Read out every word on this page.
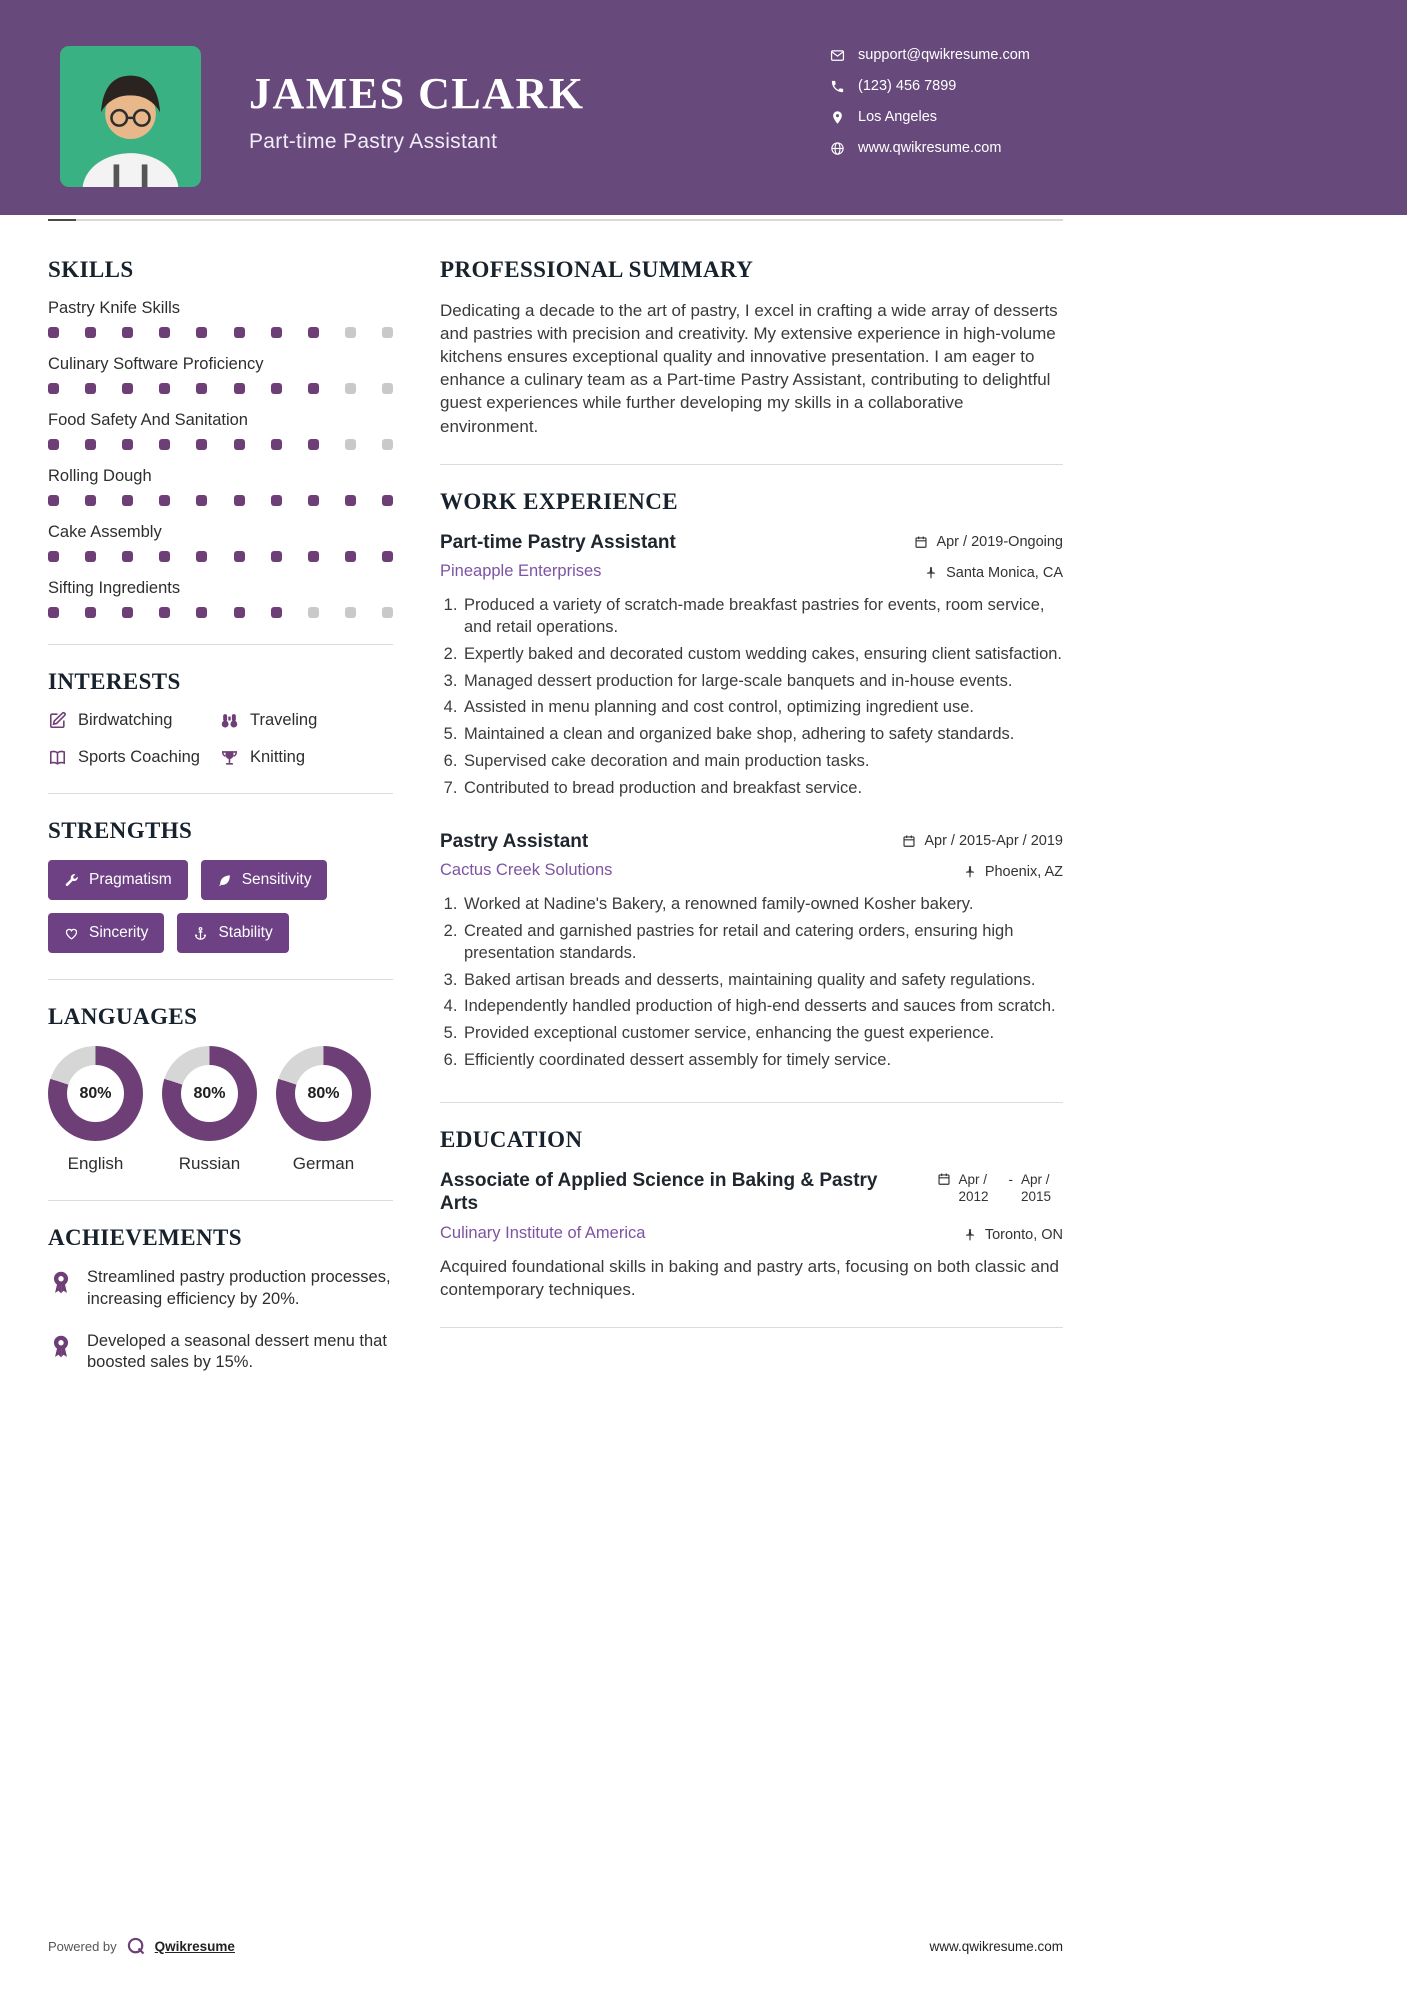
JAMES CLARK
Part-time Pastry Assistant
support@qwikresume.com
(123) 456 7899
Los Angeles
www.qwikresume.com
SKILLS
Pastry Knife Skills
Culinary Software Proficiency
Food Safety And Sanitation
Rolling Dough
Cake Assembly
Sifting Ingredients
INTERESTS
Birdwatching	Traveling
Sports Coaching	Knitting
STRENGTHS
Pragmatism	Sensitivity
Sincerity	Stability
LANGUAGES
80%
English
80%
Russian
80%
German
ACHIEVEMENTS

Streamlined pastry production processes, increasing efficiency by 20%.

Developed a seasonal dessert menu that boosted sales by 15%.

PROFESSIONAL SUMMARY

Dedicating a decade to the art of pastry, I excel in crafting a wide array of desserts and pastries with precision and creativity. My extensive experience in high-volume kitchens ensures exceptional quality and innovative presentation. I am eager to enhance a culinary team as a Part-time Pastry Assistant, contributing to delightful guest experiences while further developing my skills in a collaborative environment.

WORK EXPERIENCE
Part-time Pastry Assistant	Apr / 2019-Ongoing
Pineapple Enterprises	Santa Monica, CA
1. Produced a variety of scratch-made breakfast pastries for events, room service, and retail operations.
2. Expertly baked and decorated custom wedding cakes, ensuring client satisfaction.
3. Managed dessert production for large-scale banquets and in-house events.
4. Assisted in menu planning and cost control, optimizing ingredient use.
5. Maintained a clean and organized bake shop, adhering to safety standards.
6. Supervised cake decoration and main production tasks.
7. Contributed to bread production and breakfast service.
Pastry Assistant	Apr / 2015-Apr / 2019
Cactus Creek Solutions	Phoenix, AZ
1. Worked at Nadine's Bakery, a renowned family-owned Kosher bakery.
2. Created and garnished pastries for retail and catering orders, ensuring high presentation standards.
3. Baked artisan breads and desserts, maintaining quality and safety regulations.
4. Independently handled production of high-end desserts and sauces from scratch.
5. Provided exceptional customer service, enhancing the guest experience.
6. Efficiently coordinated dessert assembly for timely service.
EDUCATION
Associate of Applied Science in Baking & Pastry Arts
Apr / 2012
- Apr / 2015
Culinary Institute of America	Toronto, ON

Acquired foundational skills in baking and pastry arts, focusing on both classic and contemporary techniques.

Powered by	Qwikresume	www.qwikresume.com
